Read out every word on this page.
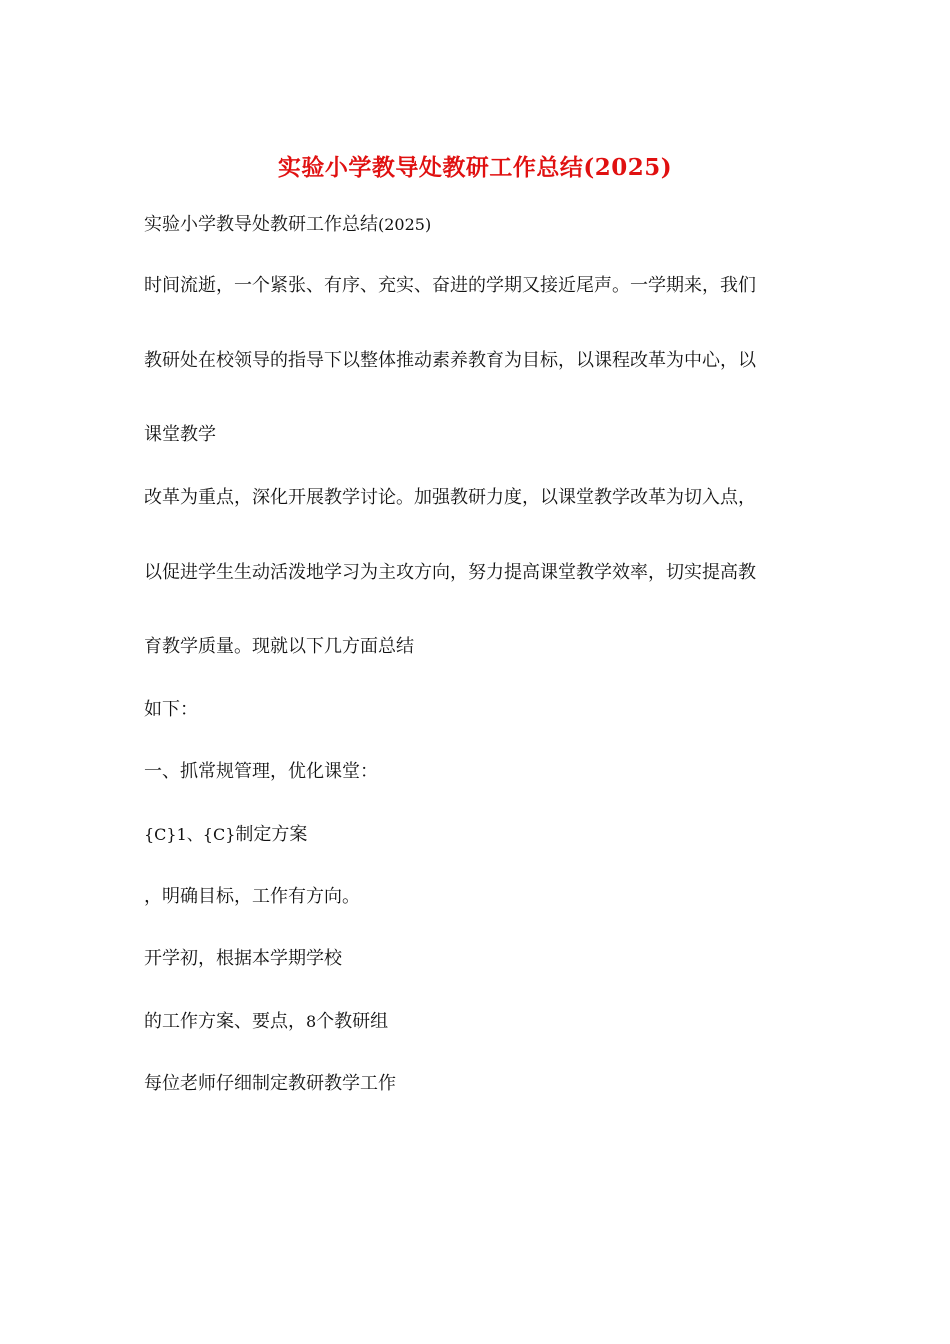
实验小学教导处教研工作总结(2025)

实验小学教导处教研工作总结(2025)

时间流逝，一个紧张、有序、充实、奋进的学期又接近尾声。一学期来，我们

教研处在校领导的指导下以整体推动素养教育为目标，以课程改革为中心，以

课堂教学

改革为重点，深化开展教学讨论。加强教研力度，以课堂教学改革为切入点，

以促进学生生动活泼地学习为主攻方向，努力提高课堂教学效率，切实提高教

育教学质量。现就以下几方面总结

如下：

一、抓常规管理，优化课堂：

{C}1、{C}制定方案

，明确目标，工作有方向。

开学初，根据本学期学校

的工作方案、要点，8个教研组

每位老师仔细制定教研教学工作
